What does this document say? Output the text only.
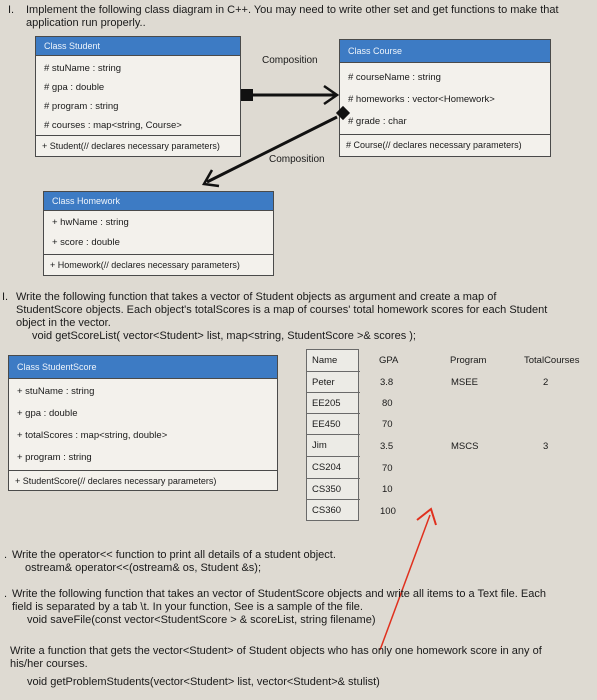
I. Implement the following class diagram in C++. You may need to write other set and get functions to make that
application run properly..
Class Student
# stuName : string
# gpa : double
# program : string
# courses : map<string, Course>
+ Student(// declares necessary parameters)
Class Course
# courseName : string
# homeworks : vector<Homework>
# grade : char
# Course(// declares necessary parameters)
Class Homework
+ hwName : string
+ score : double
+ Homework(// declares necessary parameters)
Composition
Composition
I. Write the following function that takes a vector of Student objects as argument and create a map of
StudentScore objects. Each object's totalScores is a map of courses' total homework scores for each Student
object in the vector.
void getScoreList( vector<Student> list, map<string, StudentScore >& scores );
Class StudentScore
+ stuName : string
+ gpa : double
+ totalScores : map<string, double>
+ program : string
+ StudentScore(// declares necessary parameters)
Name
Peter
EE205
EE450
Jim
CS204
CS350
CS360
GPA	Program	TotalCourses
3.8
80
70
3.5
70
10
100
MSEE
MSCS
2
3
. Write the operator<< function to print all details of a student object.
ostream& operator<<(ostream& os, Student &s);
. Write the following function that takes an vector of StudentScore objects and write all items to a Text file. Each
field is separated by a tab \t. In your function, See is a sample of the file.
void saveFile(const vector<StudentScore > & scoreList, string filename)
Write a function that gets the vector<Student> of Student objects who has only one homework score in any of
his/her courses.
void getProblemStudents(vector<Student> list, vector<Student>& stulist)
